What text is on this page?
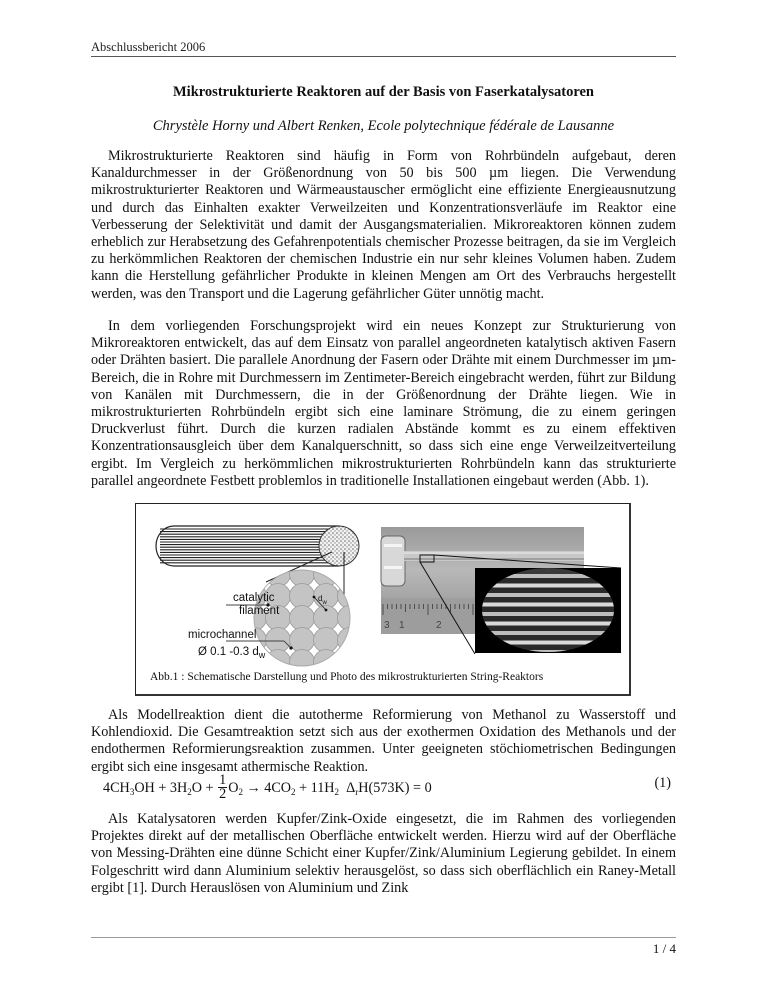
Abschlussbericht 2006
Mikrostrukturierte Reaktoren auf der Basis von Faserkatalysatoren
Chrystèle Horny und Albert Renken, Ecole polytechnique fédérale de Lausanne

Mikrostrukturierte Reaktoren sind häufig in Form von Rohrbündeln aufgebaut, deren Kanaldurchmesser in der Größenordnung von 50 bis 500 µm liegen. Die Verwendung mikrostrukturierter Reaktoren und Wärmeaustauscher ermöglicht eine effiziente Energieausnutzung und durch das Einhalten exakter Verweilzeiten und Konzentrationsverläufe im Reaktor eine Verbesserung der Selektivität und damit der Ausgangsmaterialien. Mikroreaktoren können zudem erheblich zur Herabsetzung des Gefahrenpotentials chemischer Prozesse beitragen, da sie im Vergleich zu herkömmlichen Reaktoren der chemischen Industrie ein nur sehr kleines Volumen haben. Zudem kann die Herstellung gefährlicher Produkte in kleinen Mengen am Ort des Verbrauchs hergestellt werden, was den Transport und die Lagerung gefährlicher Güter unnötig macht.

In dem vorliegenden Forschungsprojekt wird ein neues Konzept zur Strukturierung von Mikroreaktoren entwickelt, das auf dem Einsatz von parallel angeordneten katalytisch aktiven Fasern oder Drähten basiert. Die parallele Anordnung der Fasern oder Drähte mit einem Durchmesser im µm-Bereich, die in Rohre mit Durchmessern im Zentimeter-Bereich eingebracht werden, führt zur Bildung von Kanälen mit Durchmessern, die in der Größenordnung der Drähte liegen. Wie in mikrostrukturierten Rohrbündeln ergibt sich eine laminare Strömung, die zu einem geringen Druckverlust führt. Durch die kurzen radialen Abstände kommt es zu einem effektiven Konzentrationsausgleich über dem Kanalquerschnitt, so dass sich eine enge Verweilzeitverteilung ergibt. Im Vergleich zu herkömmlichen mikrostrukturierten Rohrbündeln kann das strukturierte parallel angeordnete Festbett problemlos in traditionelle Installationen eingebaut werden (Abb. 1).

3 1	2
catalytic
filament
microchannel
Ø 0.1 -0.3 $d_w$
$d_w$
Abb.1 : Schematische Darstellung und Photo des mikrostrukturierten String-Reaktors

Als Modellreaktion dient die autotherme Reformierung von Methanol zu Wasserstoff und Kohlendioxid. Die Gesamtreaktion setzt sich aus der exothermen Oxidation des Methanols und der endothermen Reformierungsreaktion zusammen. Unter geeigneten stöchiometrischen Bedingungen ergibt sich eine insgesamt athermische Reaktion.

$4CH_3OH + 3H_2O + \frac{1}{2} O_2 \to 4CO_2 + 11H_2$  $\Delta_rH(573K) = 0$	(1)

Als Katalysatoren werden Kupfer/Zink-Oxide eingesetzt, die im Rahmen des vorliegenden Projektes direkt auf der metallischen Oberfläche entwickelt werden. Hierzu wird auf der Oberfläche von Messing-Drähten eine dünne Schicht einer Kupfer/Zink/Aluminium Legierung gebildet. In einem Folgeschritt wird dann Aluminium selektiv herausgelöst, so dass sich oberflächlich ein Raney-Metall ergibt [1]. Durch Herauslösen von Aluminium und Zink

1 / 4
